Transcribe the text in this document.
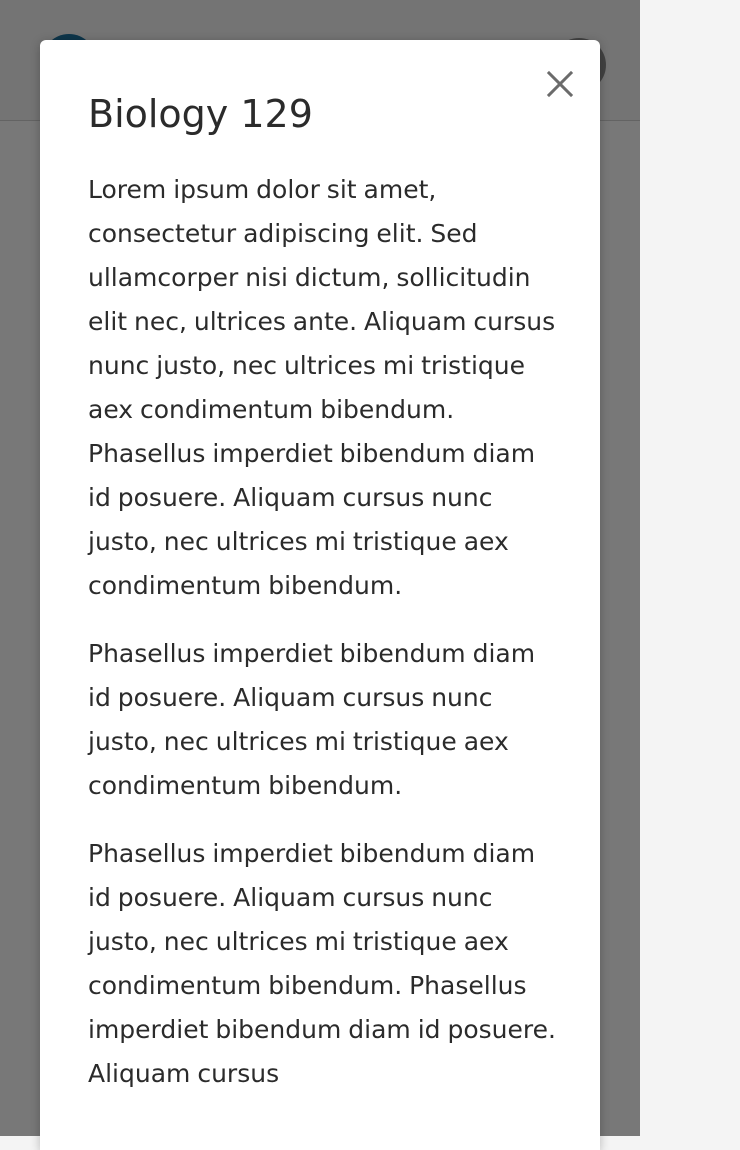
Biology 129

Lorem ipsum dolor sit amet, consectetur adipiscing elit. Sed ullamcorper nisi dictum, sollicitudin elit nec, ultrices ante. Aliquam cursus nunc justo, nec ultrices mi tristique aex condimentum bibendum. Phasellus imperdiet bibendum diam id posuere. Aliquam cursus nunc justo, nec ultrices mi tristique aex condimentum bibendum.

Phasellus imperdiet bibendum diam id posuere. Aliquam cursus nunc justo, nec ultrices mi tristique aex condimentum bibendum.

Phasellus imperdiet bibendum diam id posuere. Aliquam cursus nunc justo, nec ultrices mi tristique aex condimentum bibendum. Phasellus imperdiet bibendum diam id posuere. Aliquam cursus
